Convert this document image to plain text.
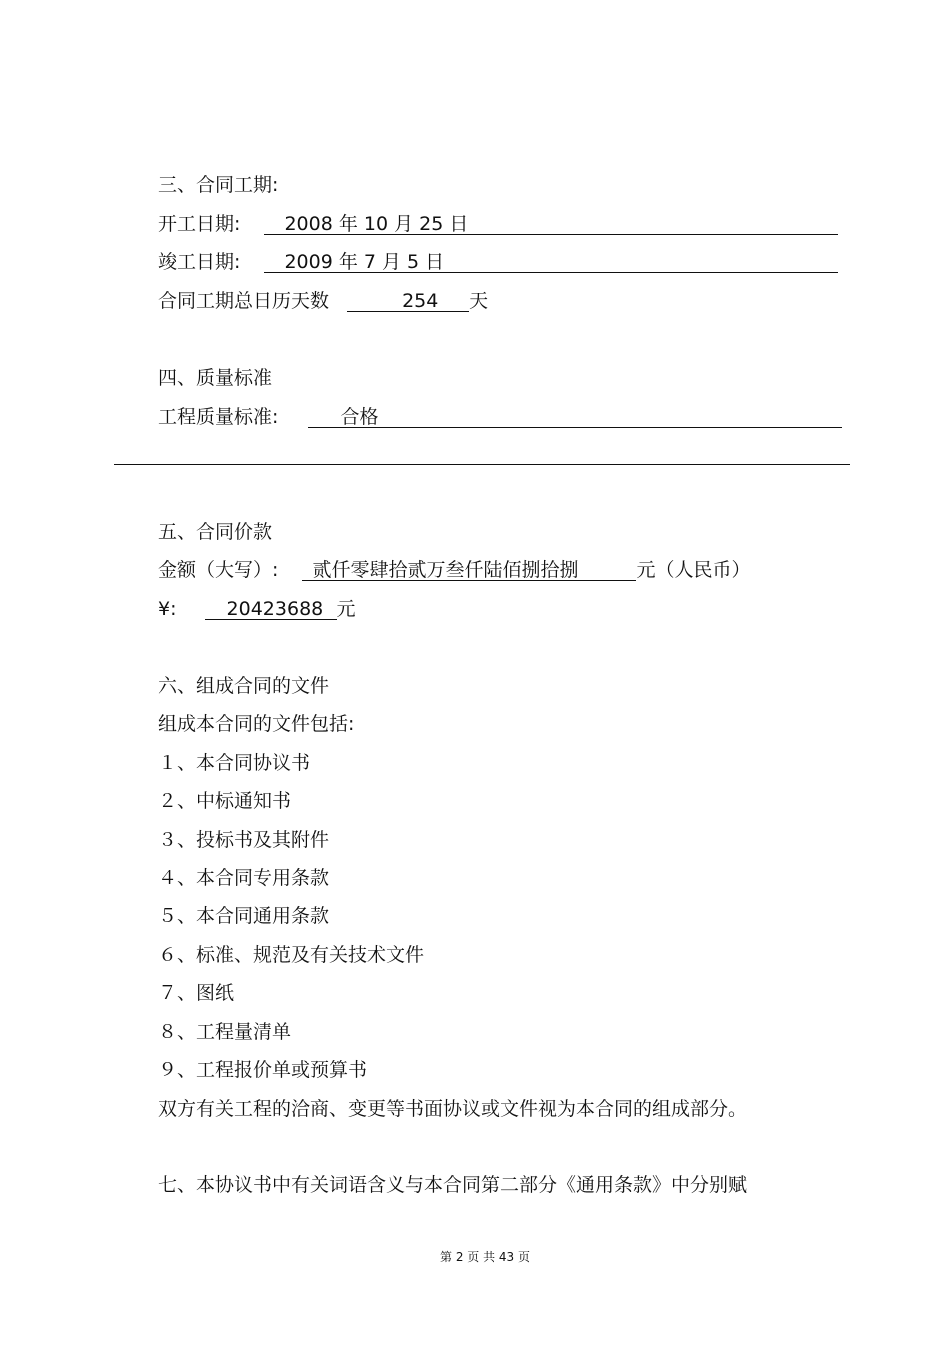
三、合同工期:
开工日期: 2008 年 10 月 25 日
竣工日期: 2009 年 7 月 5 日
合同工期总日历天数	254 天
四、质量标准
工程质量标准:	合格
五、合同价款
金额（大写）: 贰仟零肆拾贰万叁仟陆佰捌拾捌	元（人民币）
¥:	20423688 元
六、组成合同的文件
组成本合同的文件包括:
１、本合同协议书
２、中标通知书
３、投标书及其附件
４、本合同专用条款
５、本合同通用条款
６、标准、规范及有关技术文件
７、图纸
８、工程量清单
９、工程报价单或预算书
双方有关工程的洽商、变更等书面协议或文件视为本合同的组成部分。
七、本协议书中有关词语含义与本合同第二部分《通用条款》中分别赋
第 2 页 共 43 页
